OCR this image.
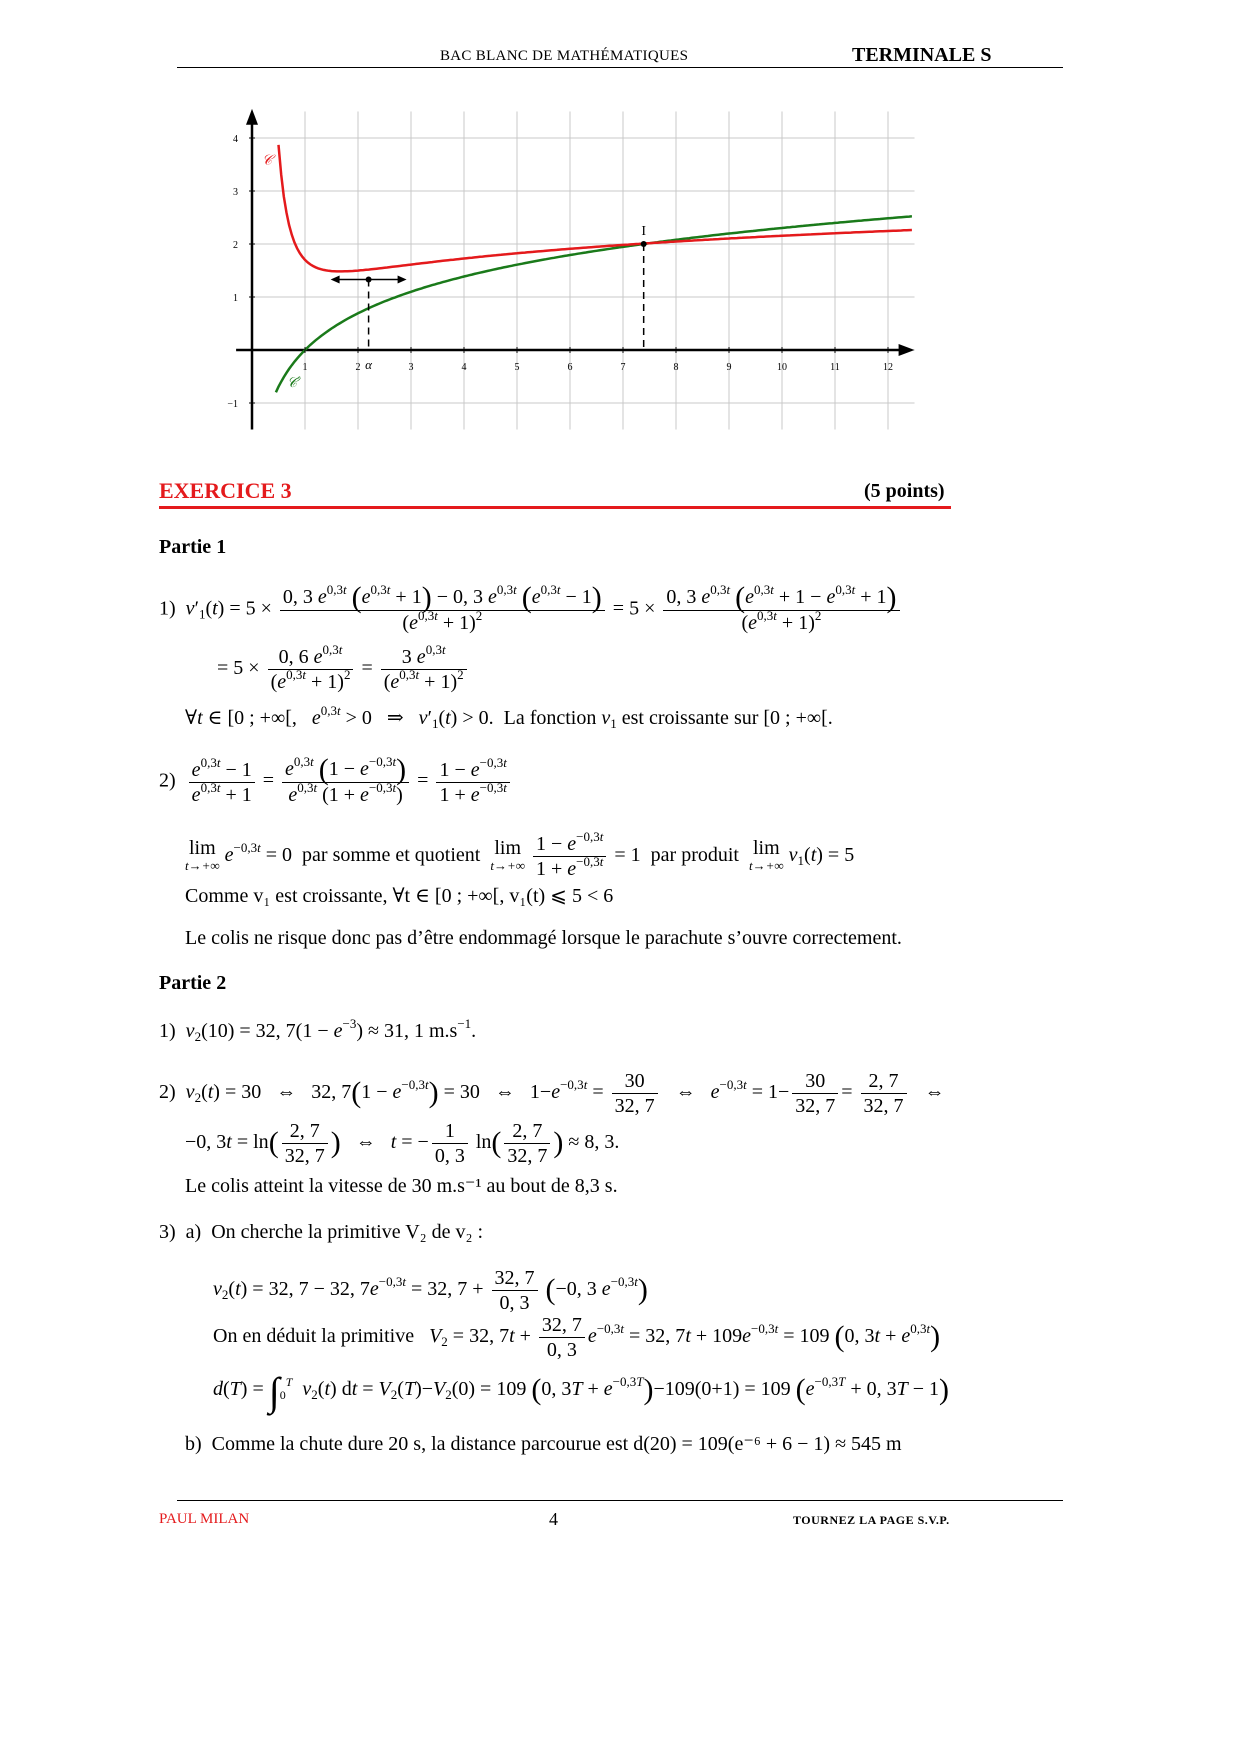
BAC BLANC DE MATHÉMATIQUES	TERMINALE S
1	2	3	4	5	6	7	8	9	10	11	12
4
3
2
1
−1
I
α
𝒞
𝒞′
EXERCICE 3	(5 points)
Partie 1
1)  $v'_1(t) = 5 \times \frac{0, 3 e^{0,3t} (e^{0,3t} + 1) - 0, 3 e^{0,3t} (e^{0,3t} - 1)}{(e^{0,3t} + 1)^2} = 5 \times \frac{0, 3 e^{0,3t} (e^{0,3t} + 1 - e^{0,3t} + 1)}{(e^{0,3t} + 1)^2}$
= $5 \times \frac{0, 6 e^{0,3t}}{(e^{0,3t} + 1)^2} = \frac{3 e^{0,3t}}{(e^{0,3t} + 1)^2}$
∀t ∈ [0 ; +∞[,   $e^{0,3t} > 0$   ⇒   $v'_1(t) > 0$.  La fonction $v_1$ est croissante sur [0 ; +∞[.
$2) \frac{e^{0,3t} - 1}{e^{0,3t} + 1} = \frac{e^{0,3t} (1 - e^{-0,3t})}{e^{0,3t} (1 + e^{-0,3t})} = \frac{1 - e^{-0,3t}}{1 + e^{-0,3t}}$
lim
t→+∞ $e^{-0,3t} = 0$  par somme et quotient lim
t→+∞
$\frac{1 - e^{-0,3t}}{1 + e^{-0,3t}} = 1$  par produit lim
t→+∞ $v_1(t) = 5$
Comme v₁ est croissante, ∀t ∈ [0 ; +∞[, v₁(t) ⩽ 5 < 6
Le colis ne risque donc pas d’être endommagé lorsque le parachute s’ouvre correctement.
Partie 2
1)  $v_2(10) = 32$, $7(1 - e^{-3}) \approx 31$, 1 $m.s^{-1}$.
2)  $v_2(t) = 30$   ⇔   32, $7(1 - e^{-0,3t}) = 30$   ⇔   $1-e^{-0,3t} = \frac{30}{32, 7}$ ⇔   $e^{-0,3t} = 1- \frac{30}{32, 7} = \frac{2, 7}{32, 7}$ ⇔
−0, $3t = \ln( \frac{2, 7}{32, 7}$ )   ⇔   t = − $\frac{1}{0, 3} \ln( \frac{2, 7}{32, 7}$ ) ≈ 8, 3.
Le colis atteint la vitesse de 30 m.s⁻¹ au bout de 8,3 s.
3)  a)  On cherche la primitive V₂ de v₂ :
$v_2(t) = 32$, 7 − 32, $7e^{-0,3t} = 32$, $7 + \frac{32, 7}{0, 3} (-0$, 3 $e^{-0,3t}$)
On en déduit la primitive $V_2 = 32$, $7t + \frac{32, 7}{0, 3} e^{-0,3t} = 32$, $7t + 109e^{-0,3t} = 109$ (0, $3t + e^{0,3t}$)
$d(T) = \int_0^T$ $v_2(t)$ dt = $V_2(T)-V_2(0) = 109$ (0, $3T + e^{-0,3T})-109(0+1) = 109$ ($e^{-0,3T} + 0$, 3T − 1)
b)  Comme la chute dure 20 s, la distance parcourue est d(20) = 109(e⁻⁶ + 6 − 1) ≈ 545 m
PAUL MILAN	4	TOURNEZ LA PAGE S.V.P.
